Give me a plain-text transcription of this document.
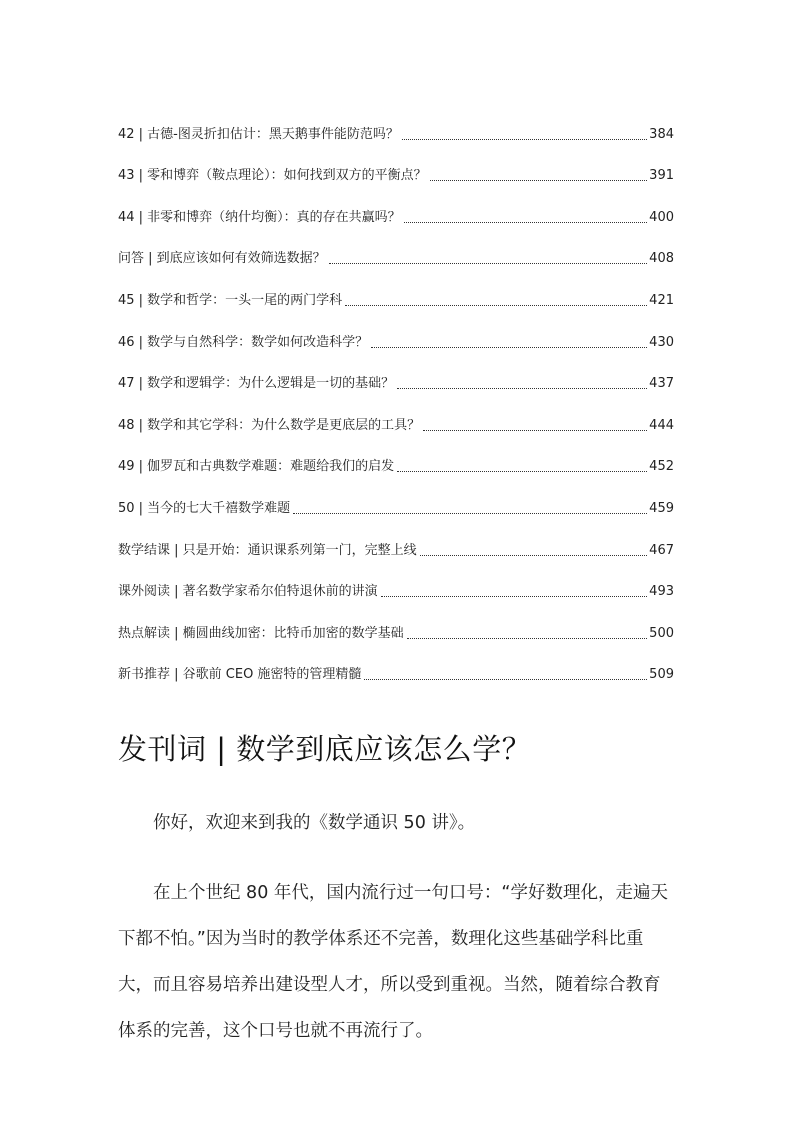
42 | 古德-图灵折扣估计：黑天鹅事件能防范吗？	384
43 | 零和博弈（鞍点理论）：如何找到双方的平衡点？	391
44 | 非零和博弈（纳什均衡）：真的存在共赢吗？	400
问答 | 到底应该如何有效筛选数据？	408
45 | 数学和哲学：一头一尾的两门学科	421
46 | 数学与自然科学：数学如何改造科学？	430
47 | 数学和逻辑学：为什么逻辑是一切的基础？	437
48 | 数学和其它学科：为什么数学是更底层的工具？	444
49 | 伽罗瓦和古典数学难题：难题给我们的启发	452
50 | 当今的七大千禧数学难题	459
数学结课 | 只是开始：通识课系列第一门，完整上线	467
课外阅读 | 著名数学家希尔伯特退休前的讲演	493
热点解读 | 椭圆曲线加密：比特币加密的数学基础	500
新书推荐 | 谷歌前 CEO 施密特的管理精髓	509
发刊词 | 数学到底应该怎么学？

你好，欢迎来到我的《数学通识 50 讲》。

在上个世纪 80 年代，国内流行过一句口号：“学好数理化，走遍天
下都不怕。”因为当时的教学体系还不完善，数理化这些基础学科比重
大，而且容易培养出建设型人才，所以受到重视。当然，随着综合教育
体系的完善，这个口号也就不再流行了。
